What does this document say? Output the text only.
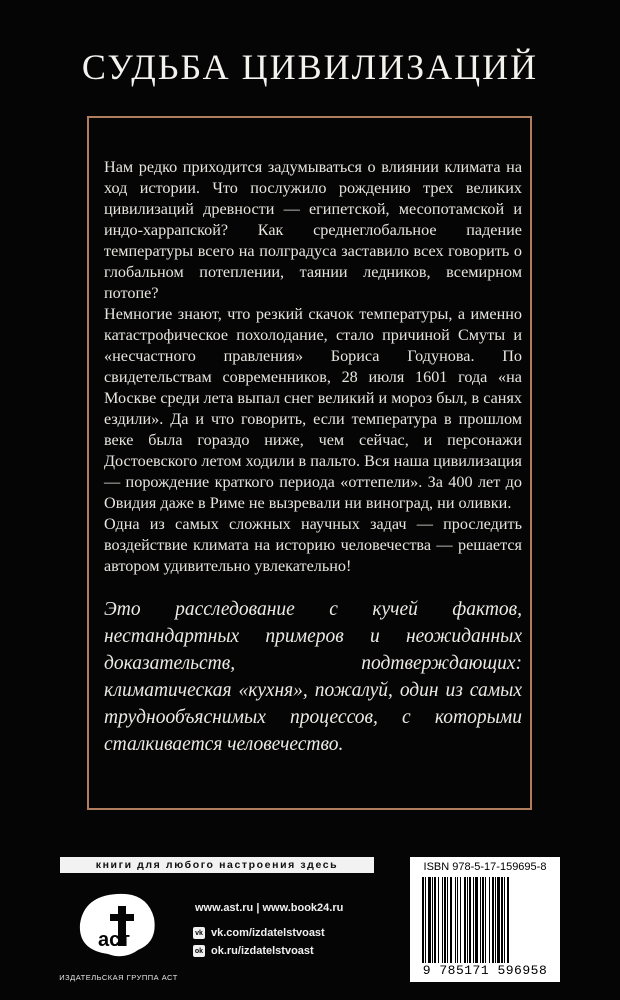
СУДЬБА ЦИВИЛИЗАЦИЙ

Нам редко приходится задумываться о влиянии климата на ход истории. Что послужило рождению трех великих цивилизаций древности — египетской, месопотамской и индо-харрапской? Как среднеглобальное падение температуры всего на полградуса заставило всех говорить о глобальном потеплении, таянии ледников, всемирном потопе?

Немногие знают, что резкий скачок температуры, а именно катастрофическое похолодание, стало причиной Смуты и «несчастного правления» Бориса Годунова. По свидетельствам современников, 28 июля 1601 года «на Москве среди лета выпал снег великий и мороз был, в санях ездили». Да и что говорить, если температура в прошлом веке была гораздо ниже, чем сейчас, и персонажи Достоевского летом ходили в пальто. Вся наша цивилизация — порождение краткого периода «оттепели». За 400 лет до Овидия даже в Риме не вызревали ни виноград, ни оливки.

Одна из самых сложных научных задач — проследить воздействие климата на историю человечества — решается автором удивительно увлекательно!

Это расследование с кучей фактов, нестандартных примеров и неожиданных доказательств, подтверждающих: климатическая «кухня», пожалуй, один из самых труднообъяснимых процессов, с которыми сталкивается человечество.
книги для любого настроения здесь
аст
ИЗДАТЕЛЬСКАЯ ГРУППА АСТ
www.ast.ru | www.book24.ru
vk vk.com/izdatelstvoast
ok ok.ru/izdatelstvoast
ISBN 978-5-17-159695-8
9 785171 596958
